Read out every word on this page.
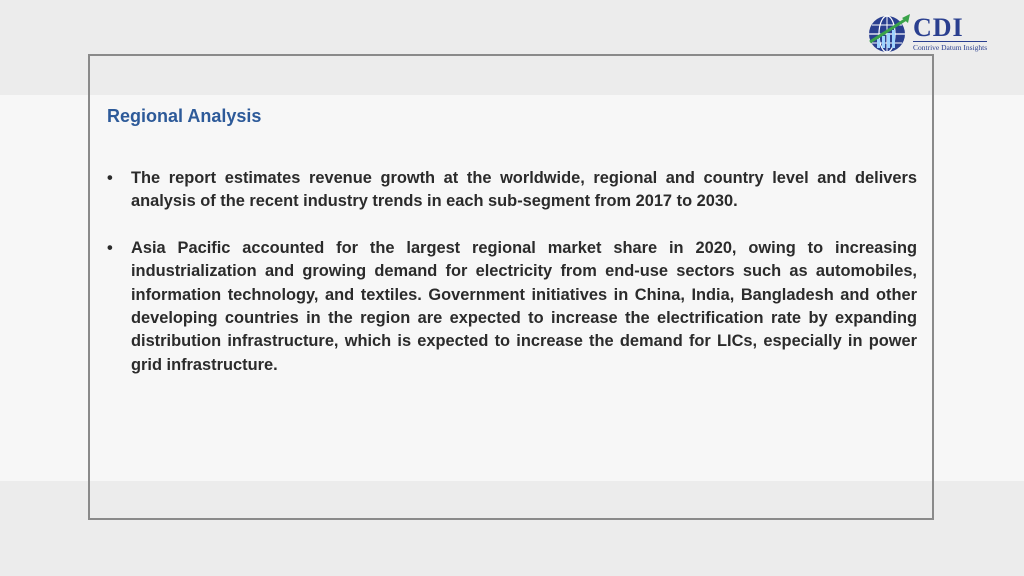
CDI
Contrive Datum Insights
Regional Analysis
• The report estimates revenue growth at the worldwide, regional and country level and delivers analysis of the recent industry trends in each sub-segment from 2017 to 2030.
• Asia Pacific accounted for the largest regional market share in 2020, owing to increasing industrialization and growing demand for electricity from end-use sectors such as automobiles, information technology, and textiles. Government initiatives in China, India, Bangladesh and other developing countries in the region are expected to increase the electrification rate by expanding distribution infrastructure, which is expected to increase the demand for LICs, especially in power grid infrastructure.
